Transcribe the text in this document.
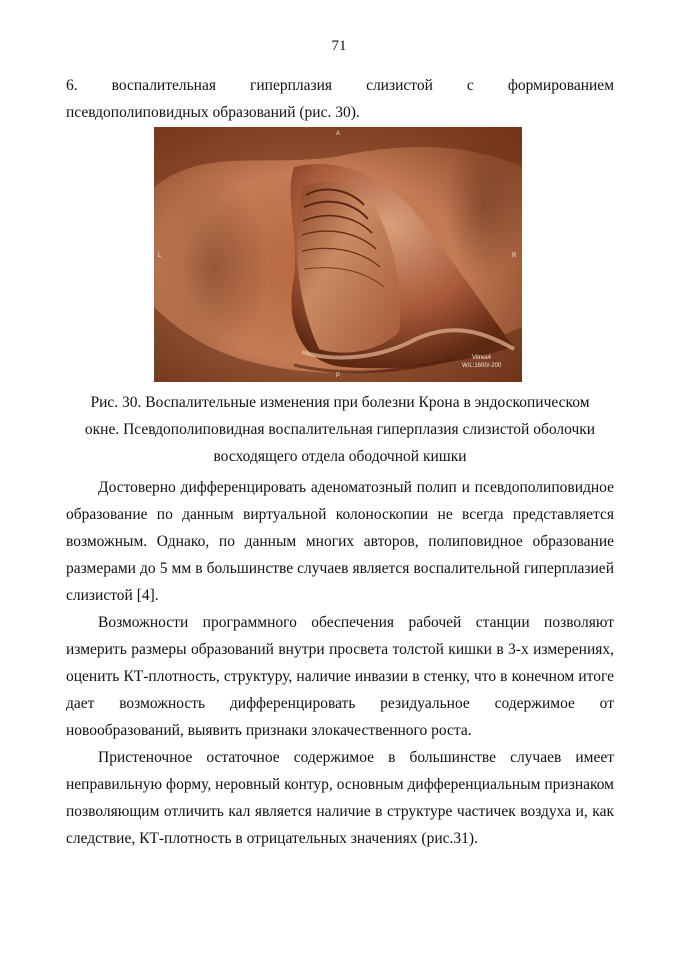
71
6. воспалительная гиперплазия слизистой с формированием
псевдополиповидных образований (рис. 30).
A
L	R
P
Vitrea4
W/L:1600/-200
Рис. 30. Воспалительные изменения при болезни Крона в эндоскопическом
окне. Псевдополиповидная воспалительная гиперплазия слизистой оболочки
восходящего отдела ободочной кишки
Достоверно дифференцировать аденоматозный полип и псевдополиповидное образование по данным виртуальной колоноскопии не всегда представляется возможным. Однако, по данным многих авторов, полиповидное образование размерами до 5 мм в большинстве случаев является воспалительной гиперплазией слизистой [4].
Возможности программного обеспечения рабочей станции позволяют измерить размеры образований внутри просвета толстой кишки в 3-х измерениях, оценить КТ-плотность, структуру, наличие инвазии в стенку, что в конечном итоге дает возможность дифференцировать резидуальное содержимое от новообразований, выявить признаки злокачественного роста.
Пристеночное остаточное содержимое в большинстве случаев имеет неправильную форму, неровный контур, основным дифференциальным признаком позволяющим отличить кал является наличие в структуре частичек воздуха и, как следствие, КТ-плотность в отрицательных значениях (рис.31).
